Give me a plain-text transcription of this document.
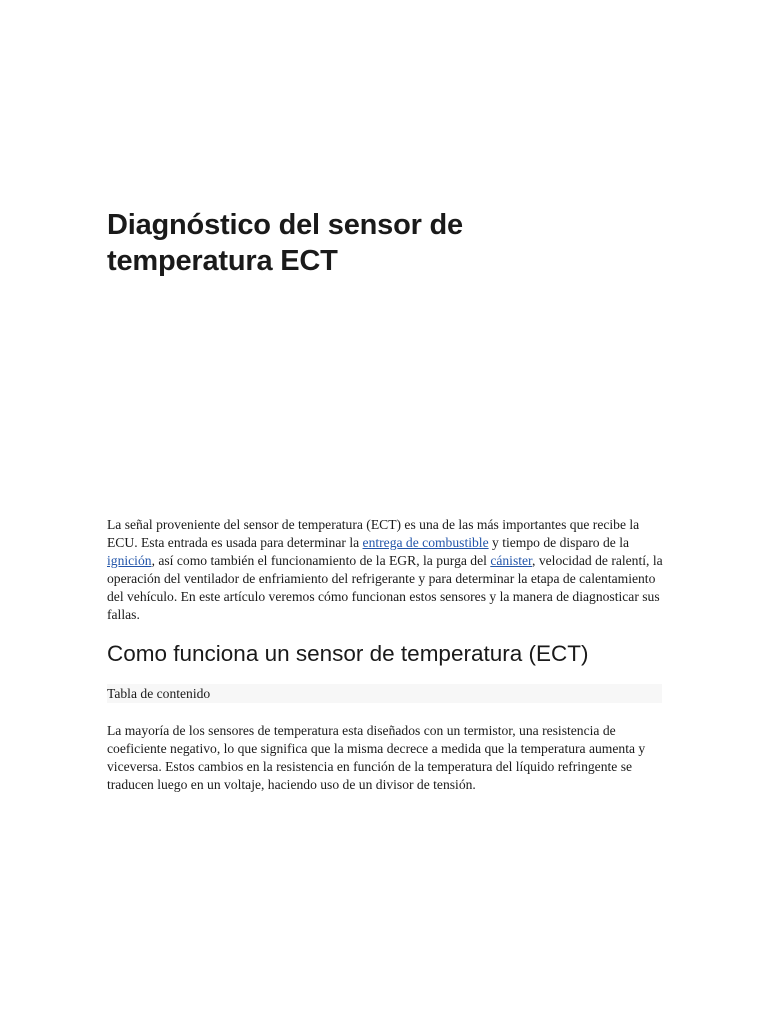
Diagnóstico del sensor de temperatura ECT

La señal proveniente del sensor de temperatura (ECT) es una de las más importantes que recibe la ECU. Esta entrada es usada para determinar la entrega de combustible y tiempo de disparo de la ignición, así como también el funcionamiento de la EGR, la purga del cánister, velocidad de ralentí, la operación del ventilador de enfriamiento del refrigerante y para determinar la etapa de calentamiento del vehículo. En este artículo veremos cómo funcionan estos sensores y la manera de diagnosticar sus fallas.

Como funciona un sensor de temperatura (ECT)
Tabla de contenido

La mayoría de los sensores de temperatura esta diseñados con un termistor, una resistencia de coeficiente negativo, lo que significa que la misma decrece a medida que la temperatura aumenta y viceversa. Estos cambios en la resistencia en función de la temperatura del líquido refringente se traducen luego en un voltaje, haciendo uso de un divisor de tensión.
